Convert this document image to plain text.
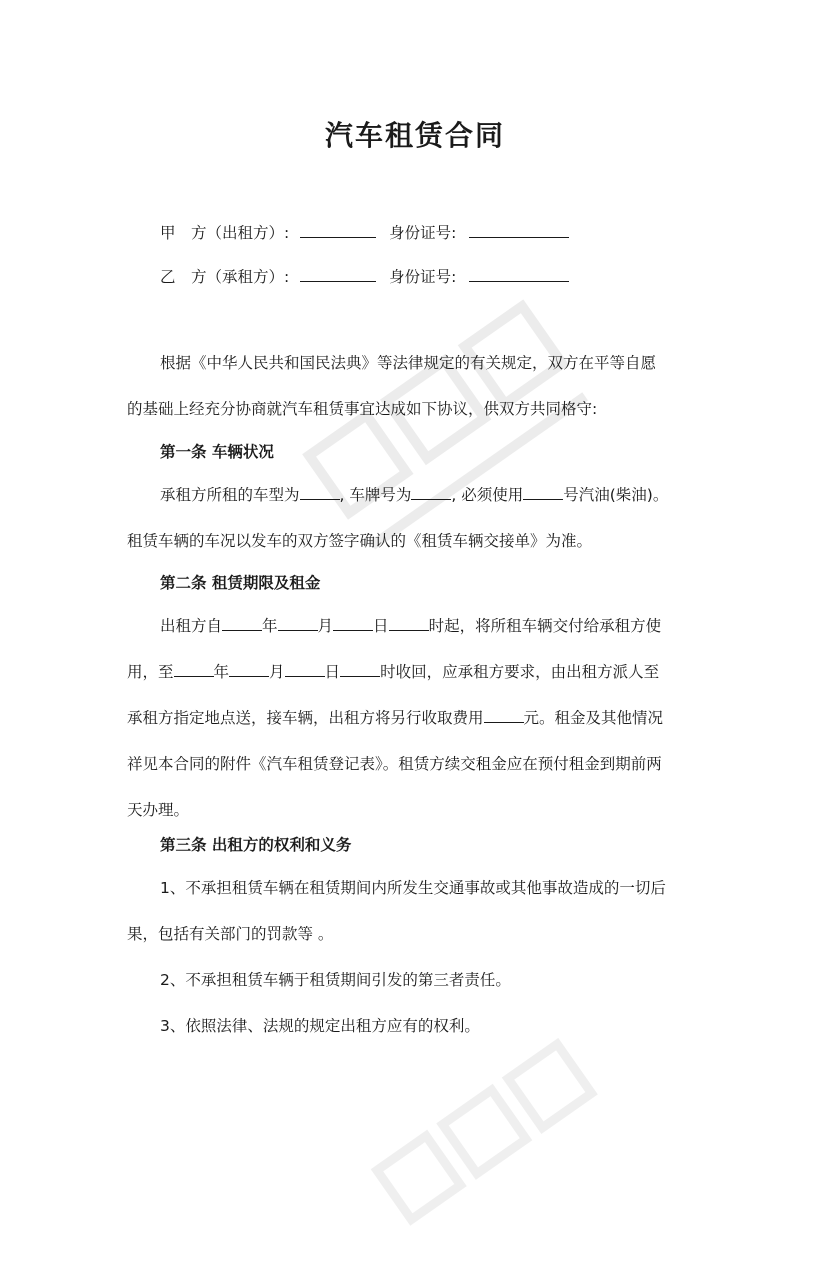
汽车租赁合同
甲　方（出租方）:	身份证号:
乙　方（承租方）:	身份证号:
根据《中华人民共和国民法典》等法律规定的有关规定，双方在平等自愿
的基础上经充分协商就汽车租赁事宜达成如下协议，供双方共同格守:
第一条 车辆状况
承租方所租的车型为	, 车牌号为	, 必须使用	号汽油(柴油)。
租赁车辆的车况以发车的双方签字确认的《租赁车辆交接单》为准。
第二条 租赁期限及租金
出租方自	年	月	日	时起，将所租车辆交付给承租方使
用，至	年	月	日	时收回，应承租方要求，由出租方派人至
承租方指定地点送，接车辆，出租方将另行收取费用	元。租金及其他情况
祥见本合同的附件《汽车租赁登记表》。租赁方续交租金应在预付租金到期前两
天办理。
第三条 出租方的权利和义务
1、不承担租赁车辆在租赁期间内所发生交通事故或其他事故造成的一切后
果，包括有关部门的罚款等 。
2、不承担租赁车辆于租赁期间引发的第三者责任。
3、依照法律、法规的规定出租方应有的权利。
